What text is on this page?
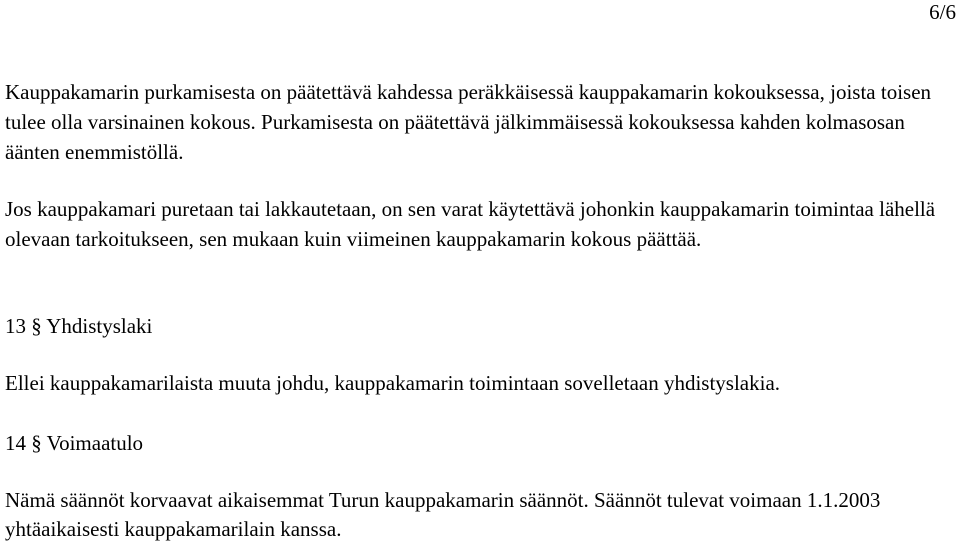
6/6

Kauppakamarin purkamisesta on päätettävä kahdessa peräkkäisessä kauppakamarin kokouksessa, joista toisen tulee olla varsinainen kokous. Purkamisesta on päätettävä jälkimmäisessä kokouksessa kahden kolmasosan äänten enemmistöllä.

Jos kauppakamari puretaan tai lakkautetaan, on sen varat käytettävä johonkin kauppakamarin toimintaa lähellä olevaan tarkoitukseen, sen mukaan kuin viimeinen kauppakamarin kokous päättää.

13 § Yhdistyslaki

Ellei kauppakamarilaista muuta johdu, kauppakamarin toimintaan sovelletaan yhdistyslakia.

14 § Voimaatulo

Nämä säännöt korvaavat aikaisemmat Turun kauppakamarin säännöt. Säännöt tulevat voimaan 1.1.2003 yhtäaikaisesti kauppakamarilain kanssa.
